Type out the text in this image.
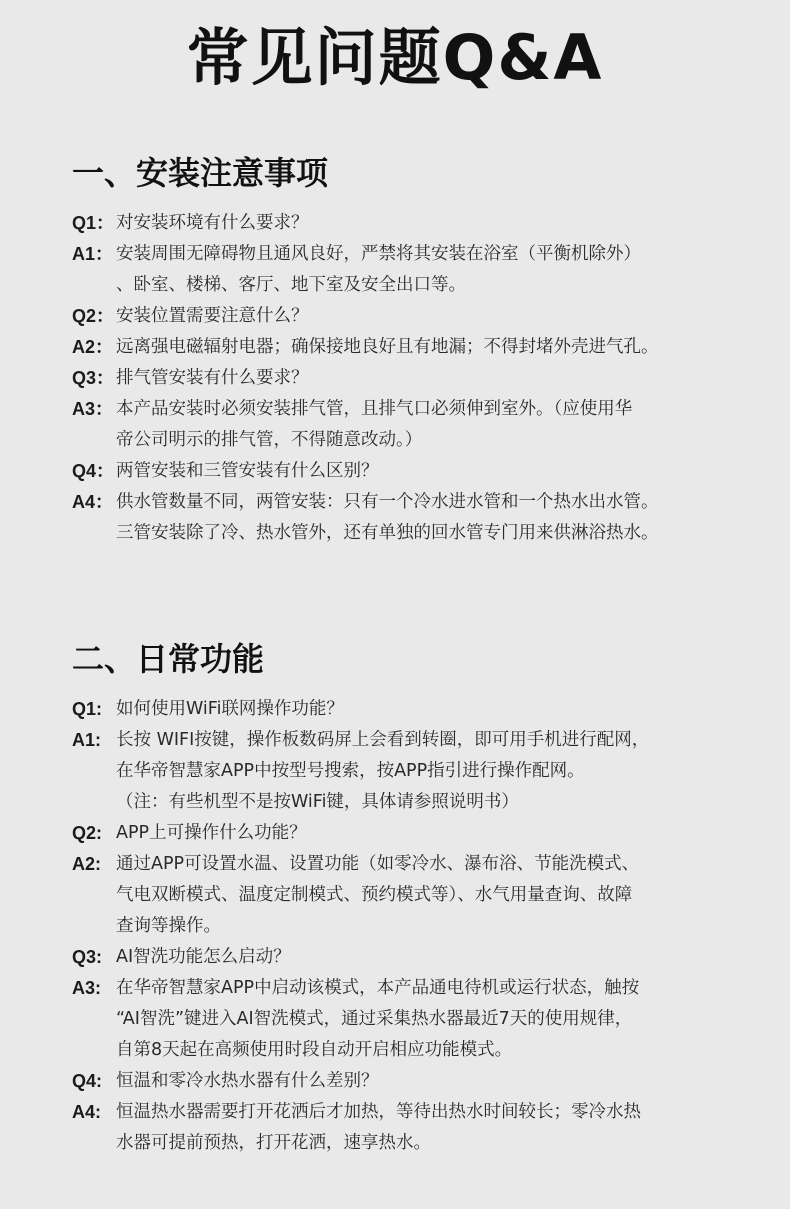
常见问题Q&A
一、安装注意事项
Q1： 对安装环境有什么要求？
A1： 安装周围无障碍物且通风良好，严禁将其安装在浴室（平衡机除外）
、卧室、楼梯、客厅、地下室及安全出口等。
Q2： 安装位置需要注意什么？
A2： 远离强电磁辐射电器；确保接地良好且有地漏；不得封堵外壳进气孔。
Q3： 排气管安装有什么要求？
A3： 本产品安装时必须安装排气管，且排气口必须伸到室外。（应使用华
帝公司明示的排气管，不得随意改动。）
Q4： 两管安装和三管安装有什么区别？
A4： 供水管数量不同，两管安装：只有一个冷水进水管和一个热水出水管。
三管安装除了冷、热水管外，还有单独的回水管专门用来供淋浴热水。
二、日常功能
Q1: 如何使用WiFi联网操作功能？
A1: 长按 WIFI按键，操作板数码屏上会看到转圈，即可用手机进行配网，
在华帝智慧家APP中按型号搜索，按APP指引进行操作配网。
（注：有些机型不是按WiFi键，具体请参照说明书）
Q2: APP上可操作什么功能？
A2: 通过APP可设置水温、设置功能（如零冷水、瀑布浴、节能洗模式、
气电双断模式、温度定制模式、预约模式等）、水气用量查询、故障
查询等操作。
Q3: AI智洗功能怎么启动？
A3: 在华帝智慧家APP中启动该模式，本产品通电待机或运行状态，触按
“AI智洗”键进入AI智洗模式，通过采集热水器最近7天的使用规律，
自第8天起在高频使用时段自动开启相应功能模式。
Q4: 恒温和零冷水热水器有什么差别？
A4: 恒温热水器需要打开花洒后才加热，等待出热水时间较长；零冷水热
水器可提前预热，打开花洒，速享热水。
